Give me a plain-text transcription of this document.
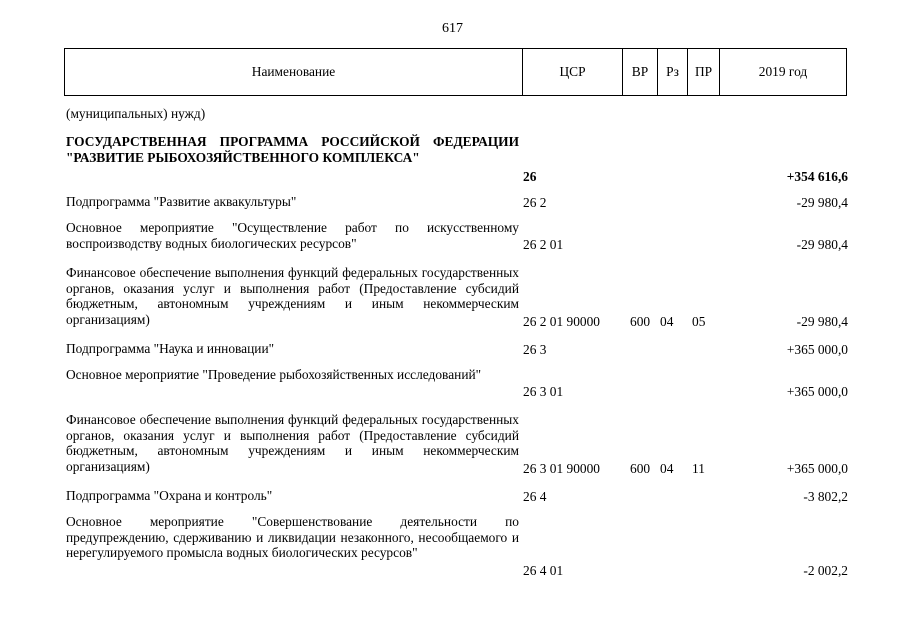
617
Наименование	ЦСР	ВР	Рз	ПР	2019 год
(муниципальных) нужд)
ГОСУДАРСТВЕННАЯ ПРОГРАММА РОССИЙСКОЙ ФЕДЕРАЦИИ "РАЗВИТИЕ РЫБОХОЗЯЙСТВЕННОГО КОМПЛЕКСА"
26	+354 616,6
Подпрограмма "Развитие аквакультуры"	26 2	-29 980,4
Основное мероприятие "Осуществление работ по искусственному воспроизводству водных биологических ресурсов"	26 2 01	-29 980,4
Финансовое обеспечение выполнения функций федеральных государственных органов, оказания услуг и выполнения работ (Предоставление субсидий бюджетным, автономным учреждениям и иным некоммерческим организациям)	26 2 01 90000 600 04 05	-29 980,4
Подпрограмма "Наука и инновации"	26 3	+365 000,0
Основное мероприятие "Проведение рыбохозяйственных исследований"
26 3 01	+365 000,0
Финансовое обеспечение выполнения функций федеральных государственных органов, оказания услуг и выполнения работ (Предоставление субсидий бюджетным, автономным учреждениям и иным некоммерческим организациям)	26 3 01 90000 600 04 11	+365 000,0
Подпрограмма "Охрана и контроль"	26 4	-3 802,2
Основное мероприятие "Совершенствование деятельности по предупреждению, сдерживанию и ликвидации незаконного, несообщаемого и нерегулируемого промысла водных биологических ресурсов"
26 4 01	-2 002,2
